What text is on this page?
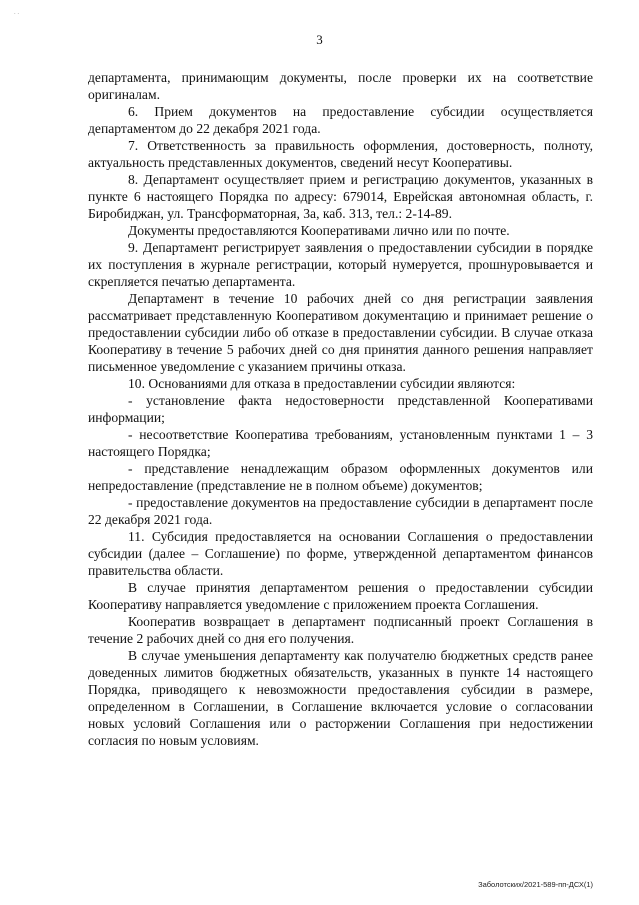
. .
3

департамента, принимающим документы, после проверки их на соответствие оригиналам.

6. Прием документов на предоставление субсидии осуществляется департаментом до 22 декабря 2021 года.

7. Ответственность за правильность оформления, достоверность, полноту, актуальность представленных документов, сведений несут Кооперативы.

8. Департамент осуществляет прием и регистрацию документов, указанных в пункте 6 настоящего Порядка по адресу: 679014, Еврейская автономная область, г. Биробиджан, ул. Трансформаторная, 3а, каб. 313, тел.: 2-14-89.

Документы предоставляются Кооперативами лично или по почте.

9. Департамент регистрирует заявления о предоставлении субсидии в порядке их поступления в журнале регистрации, который нумеруется, прошнуровывается и скрепляется печатью департамента.

Департамент в течение 10 рабочих дней со дня регистрации заявления рассматривает представленную Кооперативом документацию и принимает решение о предоставлении субсидии либо об отказе в предоставлении субсидии. В случае отказа Кооперативу в течение 5 рабочих дней со дня принятия данного решения направляет письменное уведомление с указанием причины отказа.

10. Основаниями для отказа в предоставлении субсидии являются:

- установление факта недостоверности представленной Кооперативами информации;

- несоответствие Кооператива требованиям, установленным пунктами 1 – 3 настоящего Порядка;

- представление ненадлежащим образом оформленных документов или непредоставление (представление не в полном объеме) документов;

- предоставление документов на предоставление субсидии в департамент после 22 декабря 2021 года.

11. Субсидия предоставляется на основании Соглашения о предоставлении субсидии (далее – Соглашение) по форме, утвержденной департаментом финансов правительства области.

В случае принятия департаментом решения о предоставлении субсидии Кооперативу направляется уведомление с приложением проекта Соглашения.

Кооператив возвращает в департамент подписанный проект Соглашения в течение 2 рабочих дней со дня его получения.

В случае уменьшения департаменту как получателю бюджетных средств ранее доведенных лимитов бюджетных обязательств, указанных в пункте 14 настоящего Порядка, приводящего к невозможности предоставления субсидии в размере, определенном в Соглашении, в Соглашение включается условие о согласовании новых условий Соглашения или о расторжении Соглашения при недостижении согласия по новым условиям.

Заболотских/2021-589-пп-ДСХ(1)
